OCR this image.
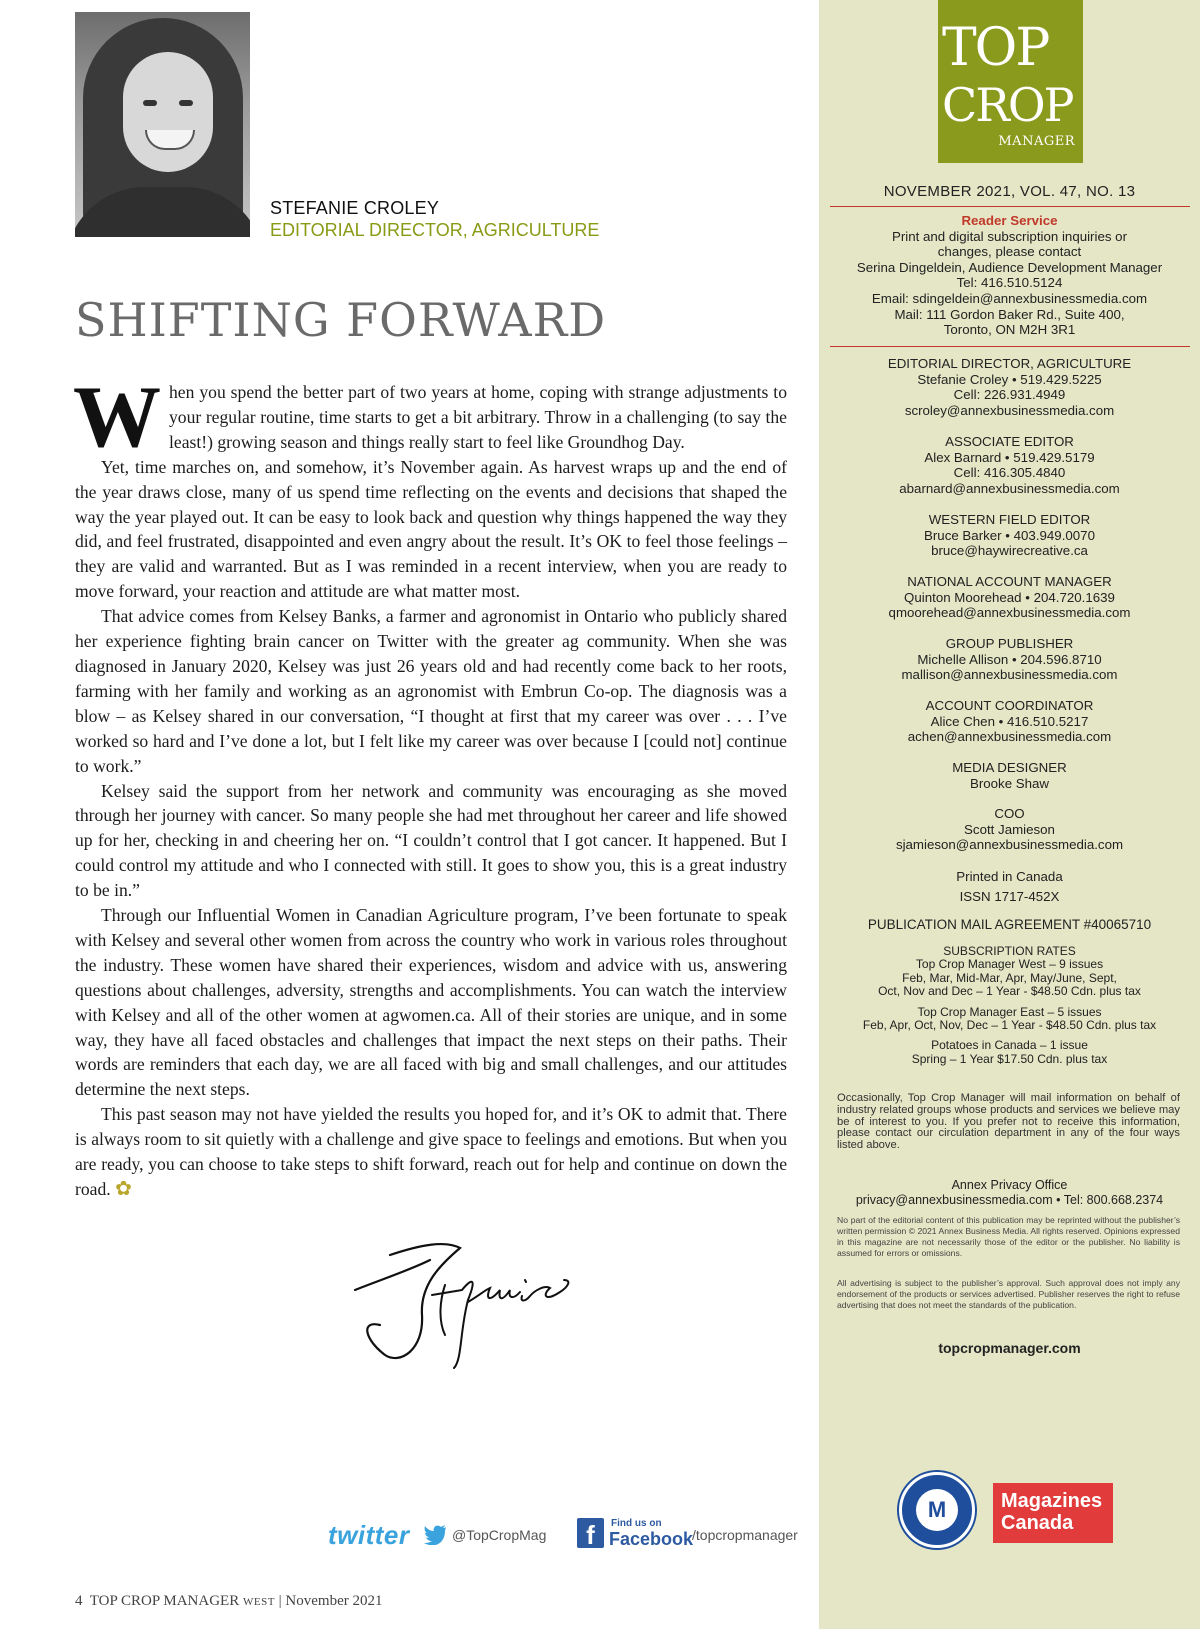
STEFANIE CROLEY
EDITORIAL DIRECTOR, AGRICULTURE
SHIFTING FORWARD

When you spend the better part of two years at home, coping with strange adjustments to your regular routine, time starts to get a bit arbitrary. Throw in a challenging (to say the least!) growing season and things really start to feel like Groundhog Day.

Yet, time marches on, and somehow, it’s November again. As harvest wraps up and the end of the year draws close, many of us spend time reflecting on the events and decisions that shaped the way the year played out. It can be easy to look back and question why things happened the way they did, and feel frustrated, disappointed and even angry about the result. It’s OK to feel those feelings – they are valid and warranted. But as I was reminded in a recent interview, when you are ready to move forward, your reaction and attitude are what matter most.

That advice comes from Kelsey Banks, a farmer and agronomist in Ontario who publicly shared her experience fighting brain cancer on Twitter with the greater ag community. When she was diagnosed in January 2020, Kelsey was just 26 years old and had recently come back to her roots, farming with her family and working as an agronomist with Embrun Co-op. The diagnosis was a blow – as Kelsey shared in our conversation, “I thought at first that my career was over . . . I’ve worked so hard and I’ve done a lot, but I felt like my career was over because I [could not] continue to work.”

Kelsey said the support from her network and community was encouraging as she moved through her journey with cancer. So many people she had met throughout her career and life showed up for her, checking in and cheering her on. “I couldn’t control that I got cancer. It happened. But I could control my attitude and who I connected with still. It goes to show you, this is a great industry to be in.”

Through our Influential Women in Canadian Agriculture program, I’ve been fortunate to speak with Kelsey and several other women from across the country who work in various roles throughout the industry. These women have shared their experiences, wisdom and advice with us, answering questions about challenges, adversity, strengths and accomplishments. You can watch the interview with Kelsey and all of the other women at agwomen.ca. All of their stories are unique, and in some way, they have all faced obstacles and challenges that impact the next steps on their paths. Their words are reminders that each day, we are all faced with big and small challenges, and our attitudes determine the next steps.

This past season may not have yielded the results you hoped for, and it’s OK to admit that. There is always room to sit quietly with a challenge and give space to feelings and emotions. But when you are ready, you can choose to take steps to shift forward, reach out for help and continue on down the road. ✿

twitter	@TopCropMag	f	Find us on
Facebook
/topcropmanager
4 TOP CROP MANAGER WEST | November 2021
TOP
CROP
MANAGER
NOVEMBER 2021, VOL. 47, NO. 13
Reader Service
Print and digital subscription inquiries or
changes, please contact
Serina Dingeldein, Audience Development Manager
Tel: 416.510.5124
Email: sdingeldein@annexbusinessmedia.com
Mail: 111 Gordon Baker Rd., Suite 400,
Toronto, ON M2H 3R1
EDITORIAL DIRECTOR, AGRICULTURE
Stefanie Croley • 519.429.5225
Cell: 226.931.4949
scroley@annexbusinessmedia.com
ASSOCIATE EDITOR
Alex Barnard • 519.429.5179
Cell: 416.305.4840
abarnard@annexbusinessmedia.com
WESTERN FIELD EDITOR
Bruce Barker • 403.949.0070
bruce@haywirecreative.ca
NATIONAL ACCOUNT MANAGER
Quinton Moorehead • 204.720.1639
qmoorehead@annexbusinessmedia.com
GROUP PUBLISHER
Michelle Allison • 204.596.8710
mallison@annexbusinessmedia.com
ACCOUNT COORDINATOR
Alice Chen • 416.510.5217
achen@annexbusinessmedia.com
MEDIA DESIGNER
Brooke Shaw
COO
Scott Jamieson
sjamieson@annexbusinessmedia.com
Printed in Canada
ISSN 1717-452X
PUBLICATION MAIL AGREEMENT #40065710
SUBSCRIPTION RATES
Top Crop Manager West – 9 issues
Feb, Mar, Mid-Mar, Apr, May/June, Sept,
Oct, Nov and Dec – 1 Year - $48.50 Cdn. plus tax
Top Crop Manager East – 5 issues
Feb, Apr, Oct, Nov, Dec – 1 Year - $48.50 Cdn. plus tax
Potatoes in Canada – 1 issue
Spring – 1 Year $17.50 Cdn. plus tax
Occasionally, Top Crop Manager will mail information on behalf of industry related groups whose products and services we believe may be of interest to you. If you prefer not to receive this information, please contact our circulation department in any of the four ways listed above.
Annex Privacy Office
privacy@annexbusinessmedia.com • Tel: 800.668.2374
No part of the editorial content of this publication may be reprinted without the publisher’s written permission © 2021 Annex Business Media. All rights reserved. Opinions expressed in this magazine are not necessarily those of the editor or the publisher. No liability is assumed for errors or omissions.
All advertising is subject to the publisher’s approval. Such approval does not imply any endorsement of the products or services advertised. Publisher reserves the right to refuse advertising that does not meet the standards of the publication.
topcropmanager.com
M	Magazines
Canada
